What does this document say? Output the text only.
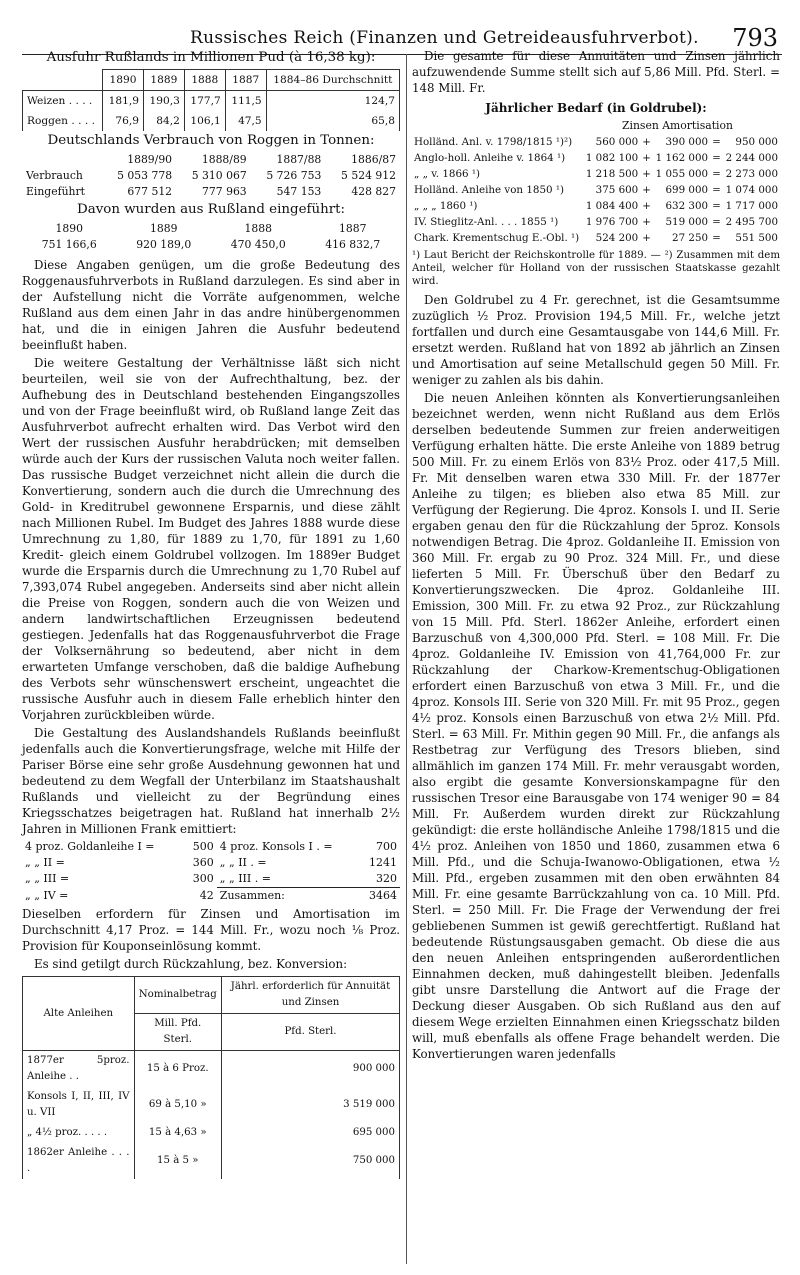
Russisches Reich (Finanzen und Getreideausfuhrverbot). 793
Ausfuhr Rußlands in Millionen Pud (à 16,38 kg):
	1890	1889	1888	1887	1884–86 Durchschnitt
Weizen . . . .	181,9	190,3	177,7	111,5	124,7
Roggen . . . .	76,9	84,2	106,1	47,5	65,8
Deutschlands Verbrauch von Roggen in Tonnen:
	1889/90	1888/89	1887/88	1886/87
Verbrauch	5 053 778	5 310 067	5 726 753	5 524 912
Eingeführt	677 512	777 963	547 153	428 827
Davon wurden aus Rußland eingeführt:
1890	1889	1888	1887
751 166,6	920 189,0	470 450,0	416 832,7

Diese Angaben genügen, um die große Bedeutung des Roggenausfuhrverbots in Rußland darzulegen. Es sind aber in der Aufstellung nicht die Vorräte aufgenommen, welche Rußland aus dem einen Jahr in das andre hinübergenommen hat, und die in einigen Jahren die Ausfuhr bedeutend beeinflußt haben.

Die weitere Gestaltung der Verhältnisse läßt sich nicht beurteilen, weil sie von der Aufrechthaltung, bez. der Aufhebung des in Deutschland bestehenden Eingangszolles und von der Frage beeinflußt wird, ob Rußland lange Zeit das Ausfuhrverbot aufrecht erhalten wird. Das Verbot wird den Wert der russischen Ausfuhr herabdrücken; mit demselben würde auch der Kurs der russischen Valuta noch weiter fallen. Das russische Budget verzeichnet nicht allein die durch die Konvertierung, sondern auch die durch die Umrechnung des Gold- in Kreditrubel gewonnene Ersparnis, und diese zählt nach Millionen Rubel. Im Budget des Jahres 1888 wurde diese Umrechnung zu 1,80, für 1889 zu 1,70, für 1891 zu 1,60 Kredit- gleich einem Goldrubel vollzogen. Im 1889er Budget wurde die Ersparnis durch die Umrechnung zu 1,70 Rubel auf 7,393,074 Rubel angegeben. Anderseits sind aber nicht allein die Preise von Roggen, sondern auch die von Weizen und andern landwirtschaftlichen Erzeugnissen bedeutend gestiegen. Jedenfalls hat das Roggenausfuhrverbot die Frage der Volksernährung so bedeutend, aber nicht in dem erwarteten Umfange verschoben, daß die baldige Aufhebung des Verbots sehr wünschenswert erscheint, ungeachtet die russische Ausfuhr auch in diesem Falle erheblich hinter den Vorjahren zurückbleiben würde.

Die Gestaltung des Auslandshandels Rußlands beeinflußt jedenfalls auch die Konvertierungsfrage, welche mit Hilfe der Pariser Börse eine sehr große Ausdehnung gewonnen hat und bedeutend zu dem Wegfall der Unterbilanz im Staatshaushalt Rußlands und vielleicht zu der Begründung eines Kriegsschatzes beigetragen hat. Rußland hat innerhalb 2½ Jahren in Millionen Frank emittiert:

4 proz. Goldanleihe I =	500	4 proz. Konsols I . =	700
„ „ II =	360	„ „ II . =	1241
„ „ III =	300	„ „ III . =	320
„ „ IV =	42	Zusammen:	3464

Dieselben erfordern für Zinsen und Amortisation im Durchschnitt 4,17 Proz. = 144 Mill. Fr., wozu noch ⅛ Proz. Provision für Kouponseinlösung kommt.

Es sind getilgt durch Rückzahlung, bez. Konversion:

Alte Anleihen	Nominalbetrag	Jährl. erforderlich für Annuität und Zinsen
	Mill. Pfd. Sterl.	Pfd. Sterl.
1877er 5proz. Anleihe . .	15 à 6 Proz.	900 000
Konsols I, II, III, IV u. VII	69 à 5,10 »	3 519 000
„ 4½ proz. . . . .	15 à 4,63 »	695 000
1862er Anleihe . . . .	15 à 5 »	750 000

Die gesamte für diese Annuitäten und Zinsen jährlich aufzuwendende Summe stellt sich auf 5,86 Mill. Pfd. Sterl. = 148 Mill. Fr.

Jährlicher Bedarf (in Goldrubel):
Zinsen Amortisation
Holländ. Anl. v. 1798/1815 ¹)²)	560 000	+	390 000	=	950 000
Anglo-holl. Anleihe v. 1864 ¹)	1 082 100	+	1 162 000	=	2 244 000
„ „ v. 1866 ¹)	1 218 500	+	1 055 000	=	2 273 000
Holländ. Anleihe von 1850 ¹)	375 600	+	699 000	=	1 074 000
„ „ „ 1860 ¹)	1 084 400	+	632 300	=	1 717 000
IV. Stieglitz-Anl. . . . 1855 ¹)	1 976 700	+	519 000	=	2 495 700
Chark. Krementschug E.-Obl. ¹)	524 200	+	27 250	=	551 500
¹) Laut Bericht der Reichskontrolle für 1889. — ²) Zusammen mit dem Anteil, welcher für Holland von der russischen Staatskasse gezahlt wird.

Den Goldrubel zu 4 Fr. gerechnet, ist die Gesamtsumme zuzüglich ½ Proz. Provision 194,5 Mill. Fr., welche jetzt fortfallen und durch eine Gesamtausgabe von 144,6 Mill. Fr. ersetzt werden. Rußland hat von 1892 ab jährlich an Zinsen und Amortisation auf seine Metallschuld gegen 50 Mill. Fr. weniger zu zahlen als bis dahin.

Die neuen Anleihen könnten als Konvertierungsanleihen bezeichnet werden, wenn nicht Rußland aus dem Erlös derselben bedeutende Summen zur freien anderweitigen Verfügung erhalten hätte. Die erste Anleihe von 1889 betrug 500 Mill. Fr. zu einem Erlös von 83½ Proz. oder 417,5 Mill. Fr. Mit denselben waren etwa 330 Mill. Fr. der 1877er Anleihe zu tilgen; es blieben also etwa 85 Mill. zur Verfügung der Regierung. Die 4proz. Konsols I. und II. Serie ergaben genau den für die Rückzahlung der 5proz. Konsols notwendigen Betrag. Die 4proz. Goldanleihe II. Emission von 360 Mill. Fr. ergab zu 90 Proz. 324 Mill. Fr., und diese lieferten 5 Mill. Fr. Überschuß über den Bedarf zu Konvertierungszwecken. Die 4proz. Goldanleihe III. Emission, 300 Mill. Fr. zu etwa 92 Proz., zur Rückzahlung von 15 Mill. Pfd. Sterl. 1862er Anleihe, erfordert einen Barzuschuß von 4,300,000 Pfd. Sterl. = 108 Mill. Fr. Die 4proz. Goldanleihe IV. Emission von 41,764,000 Fr. zur Rückzahlung der Charkow-Krementschug-Obligationen erfordert einen Barzuschuß von etwa 3 Mill. Fr., und die 4proz. Konsols III. Serie von 320 Mill. Fr. mit 95 Proz., gegen 4½ proz. Konsols einen Barzuschuß von etwa 2½ Mill. Pfd. Sterl. = 63 Mill. Fr. Mithin gegen 90 Mill. Fr., die anfangs als Restbetrag zur Verfügung des Tresors blieben, sind allmählich im ganzen 174 Mill. Fr. mehr verausgabt worden, also ergibt die gesamte Konversionskampagne für den russischen Tresor eine Barausgabe von 174 weniger 90 = 84 Mill. Fr. Außerdem wurden direkt zur Rückzahlung gekündigt: die erste holländische Anleihe 1798/1815 und die 4½ proz. Anleihen von 1850 und 1860, zusammen etwa 6 Mill. Pfd., und die Schuja-Iwanowo-Obligationen, etwa ½ Mill. Pfd., ergeben zusammen mit den oben erwähnten 84 Mill. Fr. eine gesamte Barrückzahlung von ca. 10 Mill. Pfd. Sterl. = 250 Mill. Fr. Die Frage der Verwendung der frei gebliebenen Summen ist gewiß gerechtfertigt. Rußland hat bedeutende Rüstungsausgaben gemacht. Ob diese die aus den neuen Anleihen entspringenden außerordentlichen Einnahmen decken, muß dahingestellt bleiben. Jedenfalls gibt unsre Darstellung die Antwort auf die Frage der Deckung dieser Ausgaben. Ob sich Rußland aus den auf diesem Wege erzielten Einnahmen einen Kriegsschatz bilden will, muß ebenfalls als offene Frage behandelt werden. Die Konvertierungen waren jedenfalls
